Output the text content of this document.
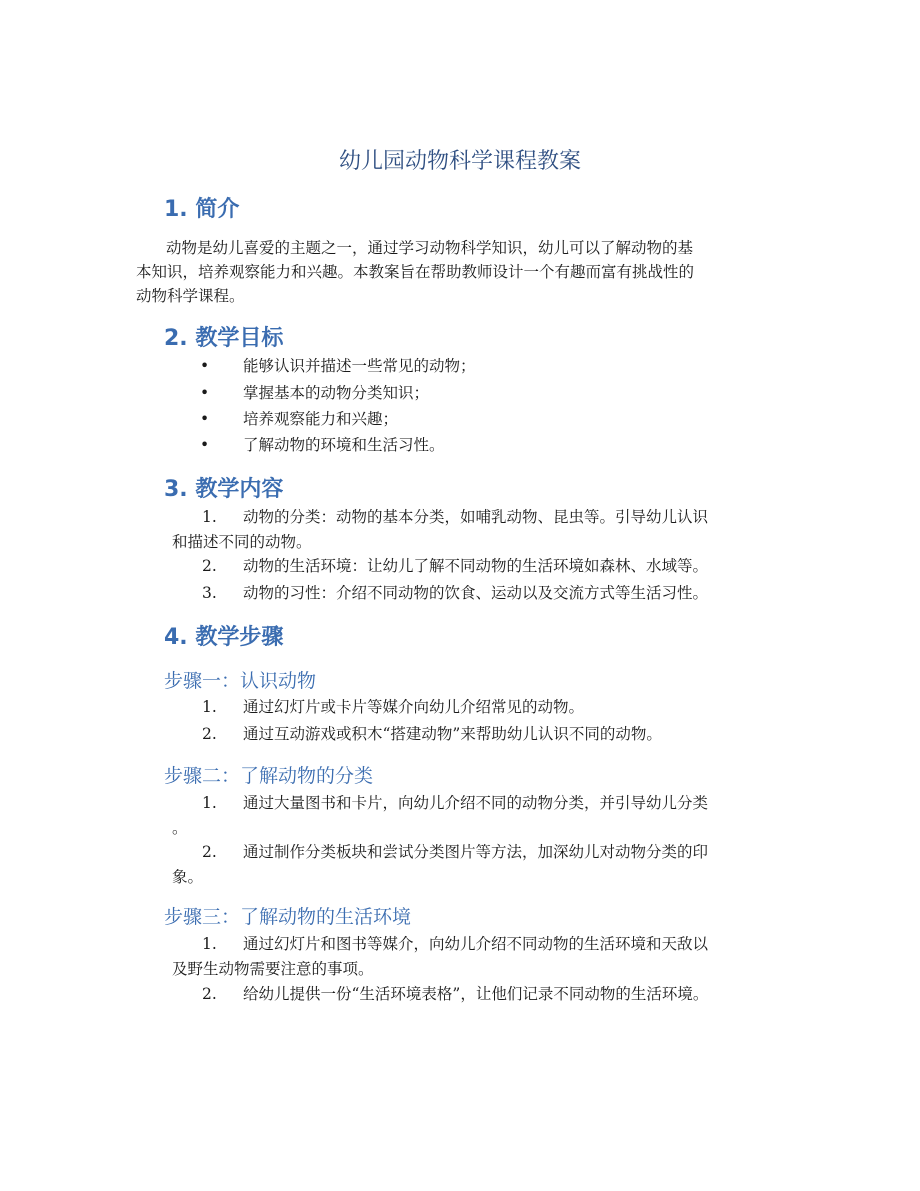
幼儿园动物科学课程教案
1. 简介
动物是幼儿喜爱的主题之一，通过学习动物科学知识，幼儿可以了解动物的基
本知识，培养观察能力和兴趣。本教案旨在帮助教师设计一个有趣而富有挑战性的
动物科学课程。
2. 教学目标
•	能够认识并描述一些常见的动物；
•	掌握基本的动物分类知识；
•	培养观察能力和兴趣；
•	了解动物的环境和生活习性。
3. 教学内容
1.	动物的分类：动物的基本分类，如哺乳动物、昆虫等。引导幼儿认识
和描述不同的动物。
2.	动物的生活环境：让幼儿了解不同动物的生活环境如森林、水域等。
3.	动物的习性：介绍不同动物的饮食、运动以及交流方式等生活习性。
4. 教学步骤
步骤一：认识动物
1.	通过幻灯片或卡片等媒介向幼儿介绍常见的动物。
2.	通过互动游戏或积木“搭建动物”来帮助幼儿认识不同的动物。
步骤二：了解动物的分类
1.	通过大量图书和卡片，向幼儿介绍不同的动物分类，并引导幼儿分类
。
2.	通过制作分类板块和尝试分类图片等方法，加深幼儿对动物分类的印
象。
步骤三：了解动物的生活环境
1.	通过幻灯片和图书等媒介，向幼儿介绍不同动物的生活环境和天敌以
及野生动物需要注意的事项。
2.	给幼儿提供一份“生活环境表格”，让他们记录不同动物的生活环境。
